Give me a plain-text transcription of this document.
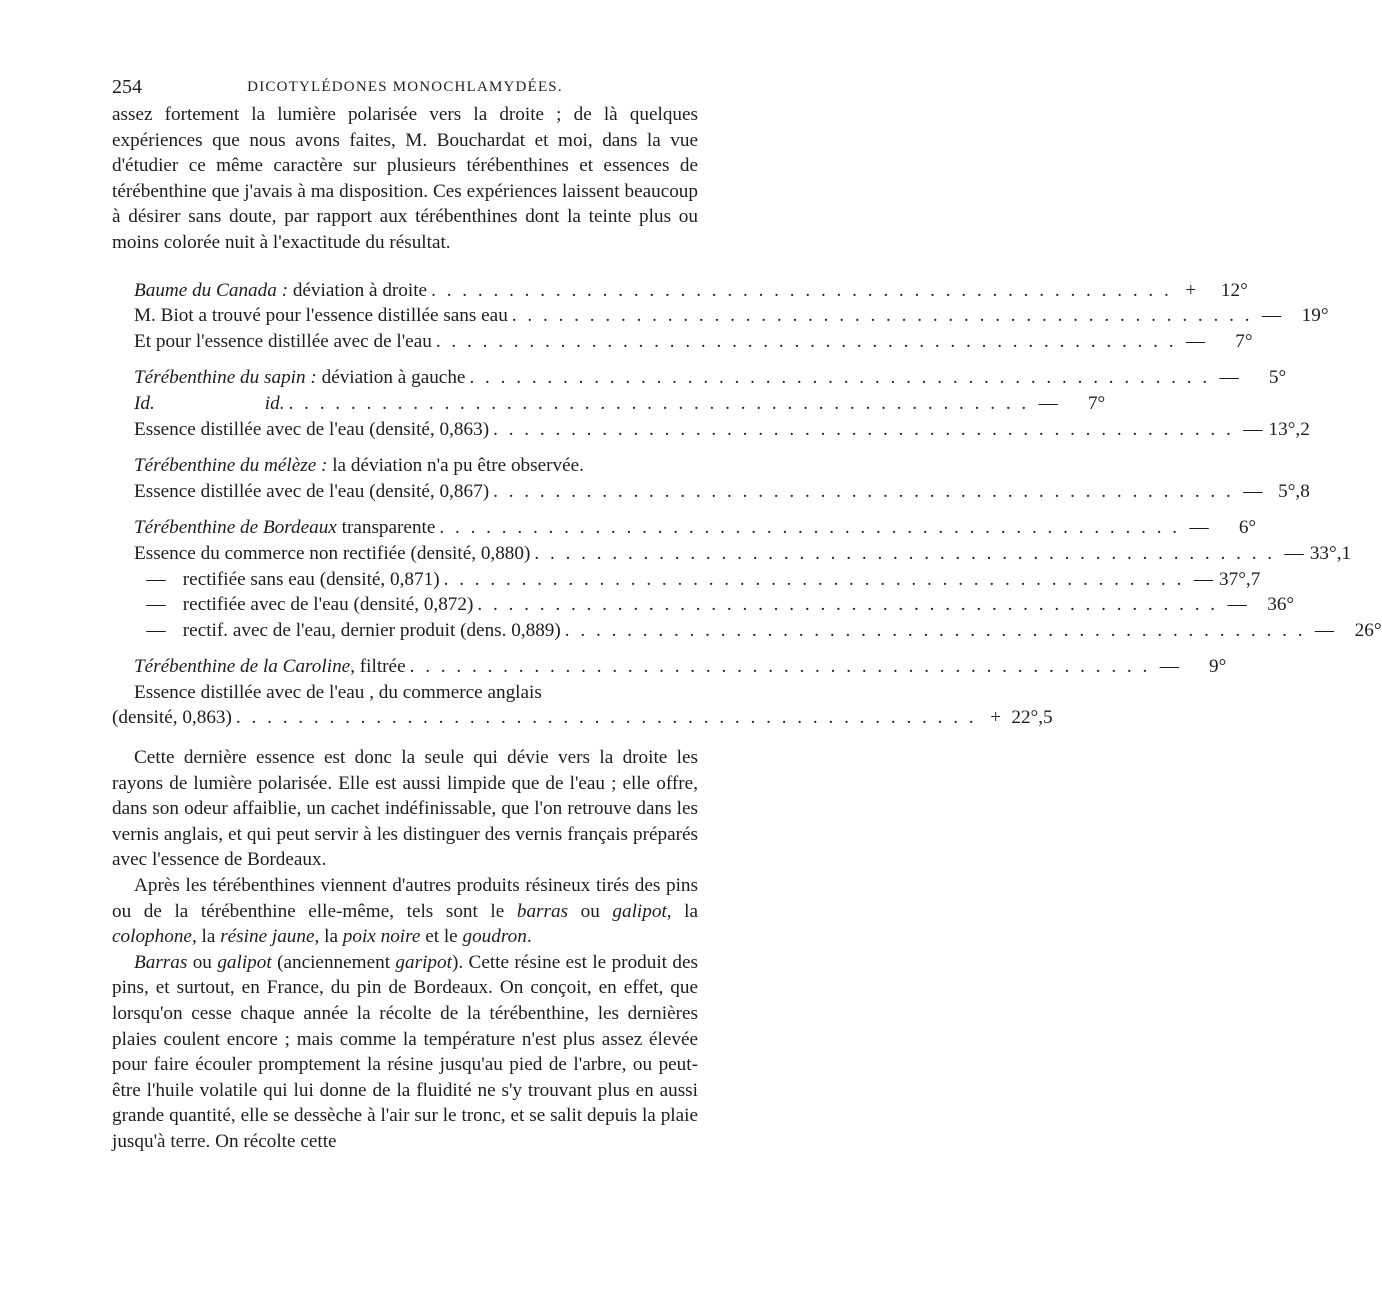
254	DICOTYLÉDONES MONOCHLAMYDÉES.

assez fortement la lumière polarisée vers la droite ; de là quelques expériences que nous avons faites, M. Bouchardat et moi, dans la vue d'étudier ce même caractère sur plusieurs térébenthines et essences de térébenthine que j'avais à ma disposition. Ces expériences laissent beaucoup à désirer sans doute, par rapport aux térébenthines dont la teinte plus ou moins colorée nuit à l'exactitude du résultat.

Baume du Canada : déviation à droite . . . . . . . . . . . . . . . . . . . . . . . . . . . . . . . . . . . . . . . . . . . . . . . . + 12°
M. Biot a trouvé pour l'essence distillée sans eau . . . . . . . . . . . . . . . . . . . . . . . . . . . . . . . . . . . . . . . . . . . . . . . . — 19°
Et pour l'essence distillée avec de l'eau . . . . . . . . . . . . . . . . . . . . . . . . . . . . . . . . . . . . . . . . . . . . . . . . — 7°
Térébenthine du sapin : déviation à gauche . . . . . . . . . . . . . . . . . . . . . . . . . . . . . . . . . . . . . . . . . . . . . . . . — 5°
Id.	id. . . . . . . . . . . . . . . . . . . . . . . . . . . . . . . . . . . . . . . . . . . . . . . . . — 7°
Essence distillée avec de l'eau (densité, 0,863) . . . . . . . . . . . . . . . . . . . . . . . . . . . . . . . . . . . . . . . . . . . . . . . . — 13°,2
Térébenthine du mélèze : la déviation n'a pu être observée.
Essence distillée avec de l'eau (densité, 0,867) . . . . . . . . . . . . . . . . . . . . . . . . . . . . . . . . . . . . . . . . . . . . . . . . — 5°,8
Térébenthine de Bordeaux transparente . . . . . . . . . . . . . . . . . . . . . . . . . . . . . . . . . . . . . . . . . . . . . . . . — 6°
Essence du commerce non rectifiée (densité, 0,880) . . . . . . . . . . . . . . . . . . . . . . . . . . . . . . . . . . . . . . . . . . . . . . . . — 33°,1
— rectifiée sans eau (densité, 0,871) . . . . . . . . . . . . . . . . . . . . . . . . . . . . . . . . . . . . . . . . . . . . . . . . — 37°,7
— rectifiée avec de l'eau (densité, 0,872) . . . . . . . . . . . . . . . . . . . . . . . . . . . . . . . . . . . . . . . . . . . . . . . . — 36°
— rectif. avec de l'eau, dernier produit (dens. 0,889) . . . . . . . . . . . . . . . . . . . . . . . . . . . . . . . . . . . . . . . . . . . . . . . . — 26°
Térébenthine de la Caroline, filtrée . . . . . . . . . . . . . . . . . . . . . . . . . . . . . . . . . . . . . . . . . . . . . . . . — 9°
Essence distillée avec de l'eau , du commerce anglais
(densité, 0,863) . . . . . . . . . . . . . . . . . . . . . . . . . . . . . . . . . . . . . . . . . . . . . . . . + 22°,5

Cette dernière essence est donc la seule qui dévie vers la droite les rayons de lumière polarisée. Elle est aussi limpide que de l'eau ; elle offre, dans son odeur affaiblie, un cachet indéfinissable, que l'on retrouve dans les vernis anglais, et qui peut servir à les distinguer des vernis français préparés avec l'essence de Bordeaux.

Après les térébenthines viennent d'autres produits résineux tirés des pins ou de la térébenthine elle-même, tels sont le barras ou galipot, la colophone, la résine jaune, la poix noire et le goudron.

Barras ou galipot (anciennement garipot). Cette résine est le produit des pins, et surtout, en France, du pin de Bordeaux. On conçoit, en effet, que lorsqu'on cesse chaque année la récolte de la térébenthine, les dernières plaies coulent encore ; mais comme la température n'est plus assez élevée pour faire écouler promptement la résine jusqu'au pied de l'arbre, ou peut-être l'huile volatile qui lui donne de la fluidité ne s'y trouvant plus en aussi grande quantité, elle se dessèche à l'air sur le tronc, et se salit depuis la plaie jusqu'à terre. On récolte cette
